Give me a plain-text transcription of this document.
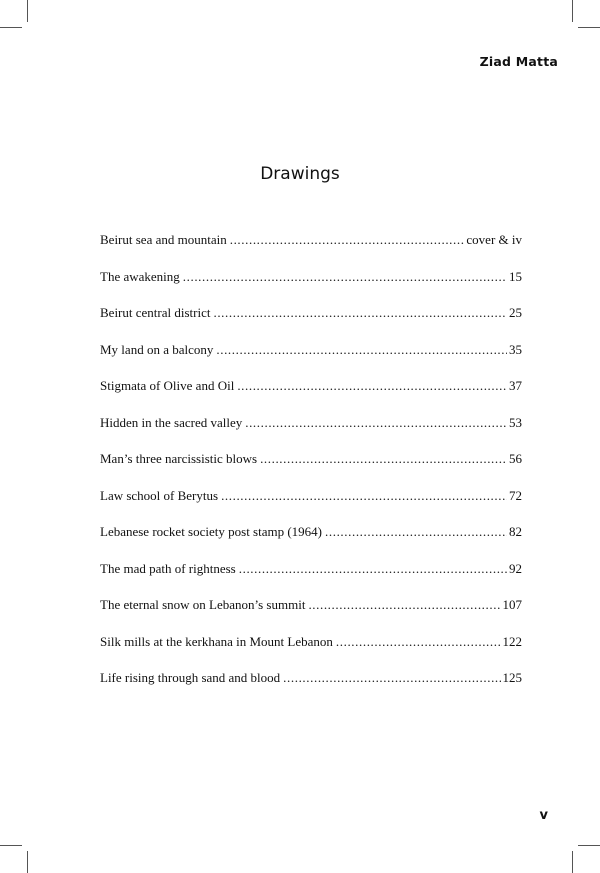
Ziad Matta
Drawings
Beirut sea and mountain .....	cover & iv
The awakening .....	15
Beirut central district .....	25
My land on a balcony .....	35
Stigmata of Olive and Oil .....	37
Hidden in the sacred valley .....	53
Man’s three narcissistic blows .....	56
Law school of Berytus .....	72
Lebanese rocket society post stamp (1964) .....	82
The mad path of rightness .....	92
The eternal snow on Lebanon’s summit .....	107
Silk mills at the kerkhana in Mount Lebanon .....	122
Life rising through sand and blood .....	125
v
